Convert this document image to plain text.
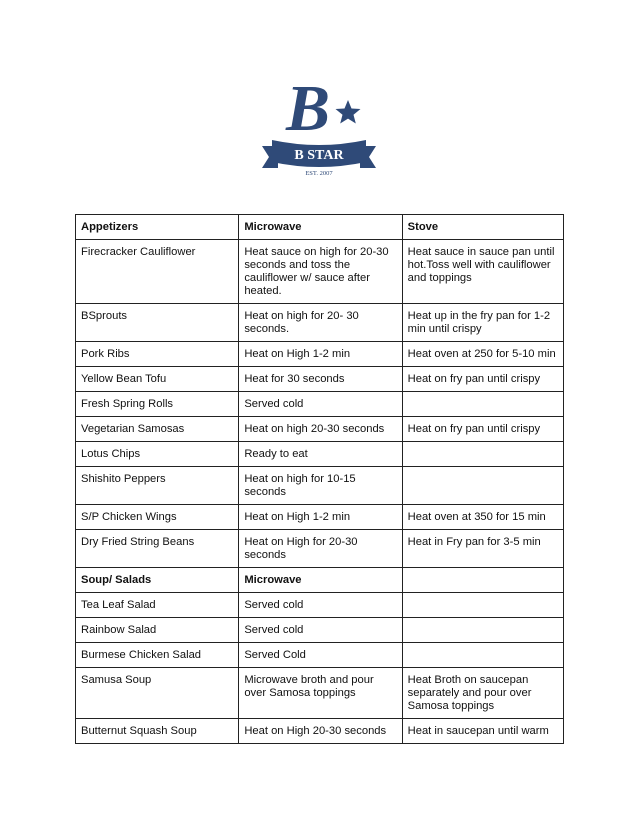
B
B STAR
EST. 2007
Appetizers	Microwave	Stove
Firecracker Cauliflower	Heat sauce on high for 20-30 seconds and toss the cauliflower w/ sauce after heated.	Heat sauce in sauce pan until hot.Toss well with cauliflower and toppings
BSprouts	Heat on high for 20- 30 seconds.	Heat up in the fry pan for 1-2 min until crispy
Pork Ribs	Heat on High 1-2 min	Heat oven at 250 for 5-10 min
Yellow Bean Tofu	Heat for 30 seconds	Heat on fry pan until crispy
Fresh Spring Rolls	Served cold	
Vegetarian Samosas	Heat on high 20-30 seconds	Heat on fry pan until crispy
Lotus Chips	Ready to eat	
Shishito Peppers	Heat on high for 10-15 seconds	
S/P Chicken Wings	Heat on High 1-2 min	Heat oven at 350 for 15 min
Dry Fried String Beans	Heat on High for 20-30 seconds	Heat in Fry pan for 3-5 min
Soup/ Salads	Microwave	
Tea Leaf Salad	Served cold	
Rainbow Salad	Served cold	
Burmese Chicken Salad	Served Cold	
Samusa Soup	Microwave broth and pour over Samosa toppings	Heat Broth on saucepan separately and pour over Samosa toppings
Butternut Squash Soup	Heat on High 20-30 seconds	Heat in saucepan until warm
